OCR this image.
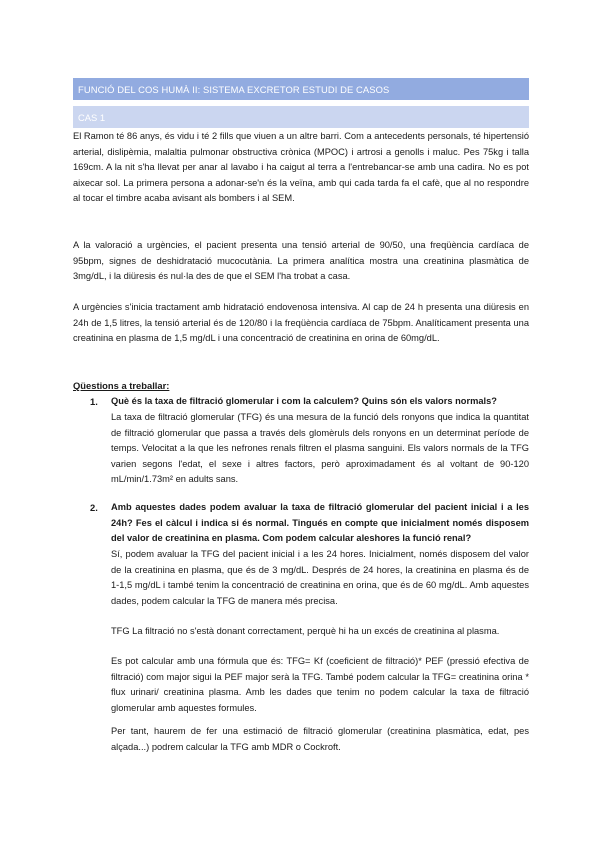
FUNCIÓ DEL COS HUMÀ II: SISTEMA EXCRETOR ESTUDI DE CASOS
CAS 1

El Ramon té 86 anys, és vidu i té 2 fills que viuen a un altre barri. Com a antecedents personals, té hipertensió arterial, dislipèmia, malaltia pulmonar obstructiva crònica (MPOC) i artrosi a genolls i maluc. Pes 75kg i talla 169cm. A la nit s'ha llevat per anar al lavabo i ha caigut al terra a l'entrebancar-se amb una cadira. No es pot aixecar sol. La primera persona a adonar-se'n és la veïna, amb qui cada tarda fa el cafè, que al no respondre al tocar el timbre acaba avisant als bombers i al SEM.

A la valoració a urgències, el pacient presenta una tensió arterial de 90/50, una freqüència cardíaca de 95bpm, signes de deshidratació mucocutània. La primera analítica mostra una creatinina plasmàtica de 3mg/dL, i la diüresis és nul·la des de que el SEM l'ha trobat a casa.

A urgències s'inicia tractament amb hidratació endovenosa intensiva. Al cap de 24 h presenta una diüresis en 24h de 1,5 litres, la tensió arterial és de 120/80 i la freqüència cardíaca de 75bpm. Analíticament presenta una creatinina en plasma de 1,5 mg/dL i una concentració de creatinina en orina de 60mg/dL.

Qüestions a treballar:
1. Què és la taxa de filtració glomerular i com la calculem? Quins són els valors normals?

La taxa de filtració glomerular (TFG) és una mesura de la funció dels ronyons que indica la quantitat de filtració glomerular que passa a través dels glomèruls dels ronyons en un determinat període de temps. Velocitat a la que les nefrones renals filtren el plasma sanguini. Els valors normals de la TFG varien segons l'edat, el sexe i altres factors, però aproximadament és al voltant de 90-120 mL/min/1.73m² en adults sans.

2. Amb aquestes dades podem avaluar la taxa de filtració glomerular del pacient inicial i a les 24h? Fes el càlcul i indica si és normal. Tingués en compte que inicialment només disposem del valor de creatinina en plasma. Com podem calcular aleshores la funció renal?

Sí, podem avaluar la TFG del pacient inicial i a les 24 hores. Inicialment, només disposem del valor de la creatinina en plasma, que és de 3 mg/dL. Després de 24 hores, la creatinina en plasma és de 1-1,5 mg/dL i també tenim la concentració de creatinina en orina, que és de 60 mg/dL. Amb aquestes dades, podem calcular la TFG de manera més precisa.

TFG La filtració no s'està donant correctament, perquè hi ha un excés de creatinina al plasma.

Es pot calcular amb una fórmula que és: TFG= Kf (coeficient de filtració)* PEF (pressió efectiva de filtració) com major sigui la PEF major serà la TFG. També podem calcular la TFG= creatinina orina * flux urinari/ creatinina plasma. Amb les dades que tenim no podem calcular la taxa de filtració glomerular amb aquestes formules.

Per tant, haurem de fer una estimació de filtració glomerular (creatinina plasmàtica, edat, pes alçada...) podrem calcular la TFG amb MDR o Cockroft.
